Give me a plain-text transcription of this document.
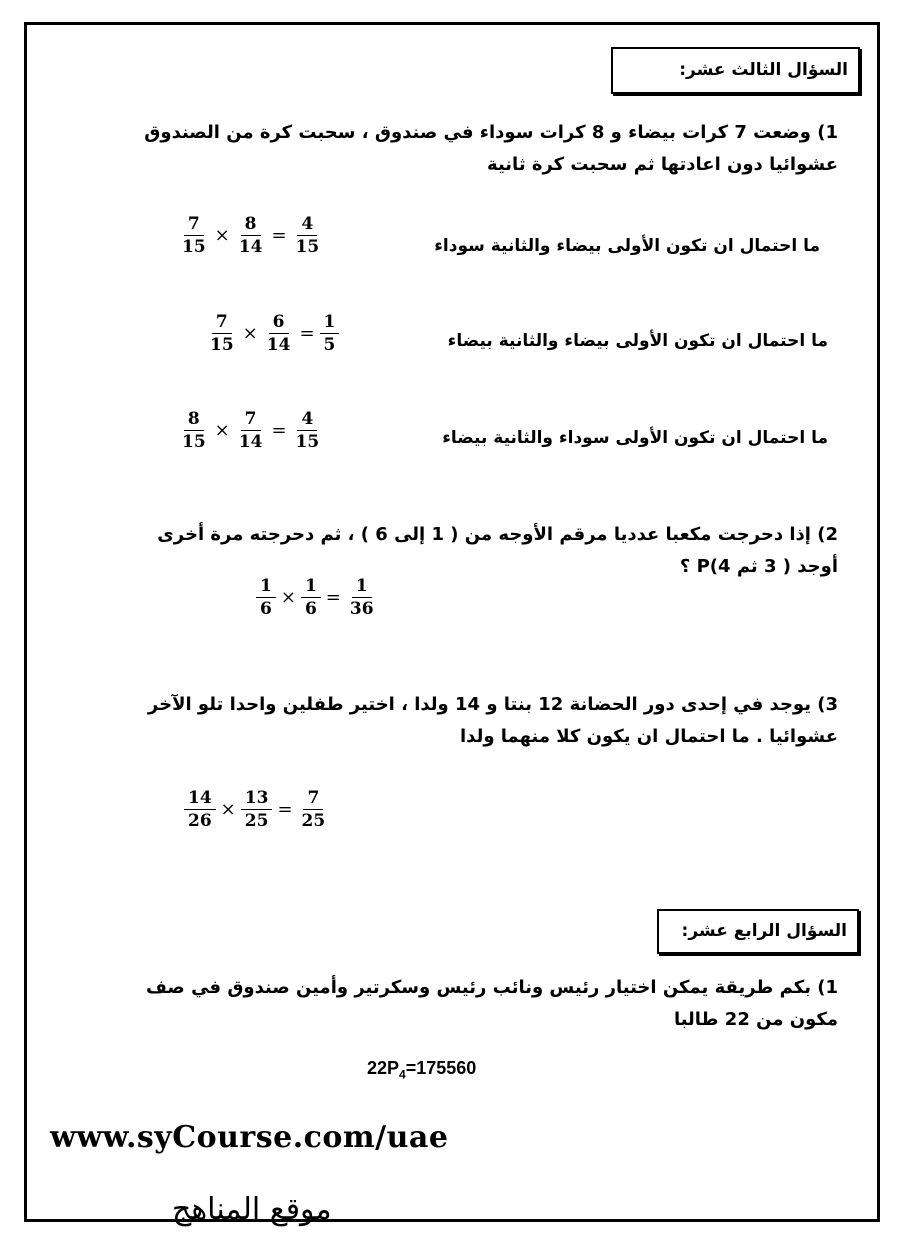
السؤال الثالث عشر:
1) وضعت 7 كرات بيضاء و 8 كرات سوداء في صندوق ، سحبت كرة من الصندوق
عشوائيا دون اعادتها ثم سحبت كرة ثانية
ما احتمال ان تكون الأولى بيضاء والثانية سوداء
$\frac{7}{15} \times \frac{8}{14} = \frac{4}{15}$
ما احتمال ان تكون الأولى بيضاء والثانية بيضاء
$\frac{7}{15} \times \frac{6}{14} = \frac{1}{5}$
ما احتمال ان تكون الأولى سوداء والثانية بيضاء
$\frac{8}{15} \times \frac{7}{14} = \frac{4}{15}$
2) إذا دحرجت مكعبا عدديا مرقم الأوجه من ( 1 إلى 6 ) ، ثم دحرجته مرة أخرى
أوجد ( 3 ثم 4)P ؟
$\frac{1}{6} \times \frac{1}{6} = \frac{1}{36}$
3) يوجد في إحدى دور الحضانة 12 بنتا و 14 ولدا ، اختير طفلين واحدا تلو الآخر
عشوائيا . ما احتمال ان يكون كلا منهما ولدا
$\frac{14}{26} \times \frac{13}{25} = \frac{7}{25}$
السؤال الرابع عشر:
1) بكم طريقة يمكن اختيار رئيس ونائب رئيس وسكرتير وأمين صندوق في صف
مكون من 22 طالبا
$22P_4=175560$
www.syCourse.com/uae
موقع المناهج
